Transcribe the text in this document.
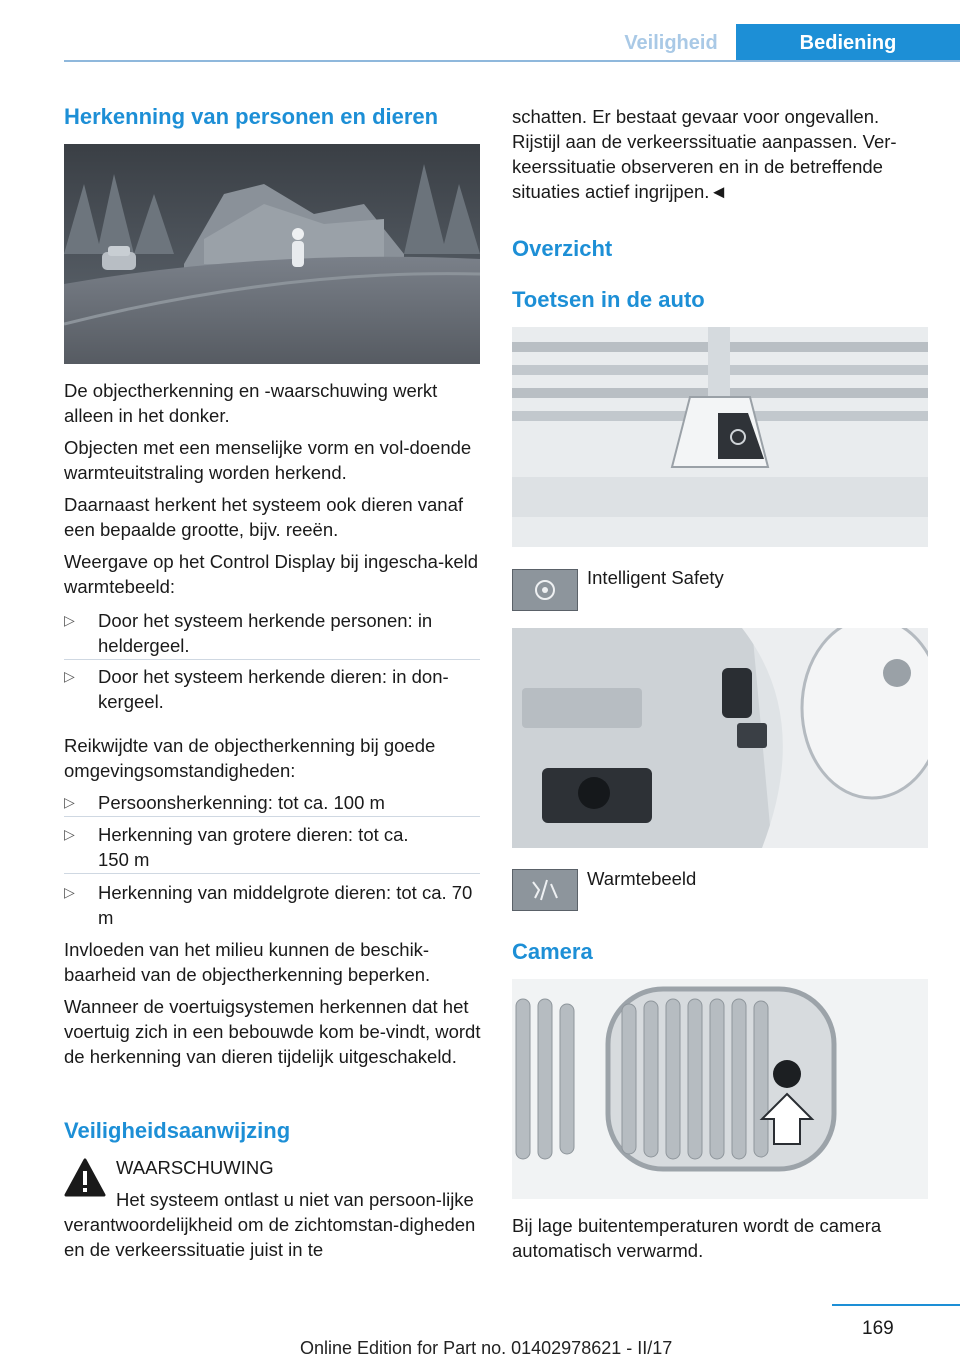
Veiligheid	Bediening
Herkenning van personen en dieren
De objectherkenning en -waarschuwing werkt alleen in het donker.
Objecten met een menselijke vorm en vol-doende warmteuitstraling worden herkend.
Daarnaast herkent het systeem ook dieren vanaf een bepaalde grootte, bijv. reeën.
Weergave op het Control Display bij ingescha-keld warmtebeeld:
▷ Door het systeem herkende personen: in heldergeel.
▷ Door het systeem herkende dieren: in don-kergeel.
Reikwijdte van de objectherkenning bij goede omgevingsomstandigheden:
▷ Persoonsherkenning: tot ca. 100 m
▷ Herkenning van grotere dieren: tot ca. 150 m
▷ Herkenning van middelgrote dieren: tot ca. 70 m
Invloeden van het milieu kunnen de beschik-baarheid van de objectherkenning beperken.
Wanneer de voertuigsystemen herkennen dat het voertuig zich in een bebouwde kom be-vindt, wordt de herkenning van dieren tijdelijk uitgeschakeld.
Veiligheidsaanwijzing
WAARSCHUWING
Het systeem ontlast u niet van persoon-lijke verantwoordelijkheid om de zichtomstan-digheden en de verkeerssituatie juist in te
schatten. Er bestaat gevaar voor ongevallen. Rijstijl aan de verkeerssituatie aanpassen. Ver-keerssituatie observeren en in de betreffende situaties actief ingrijpen.◄
Overzicht
Toetsen in de auto
Intelligent Safety
Warmtebeeld
Camera
Bij lage buitentemperaturen wordt de camera automatisch verwarmd.
169
Online Edition for Part no. 01402978621 - II/17
